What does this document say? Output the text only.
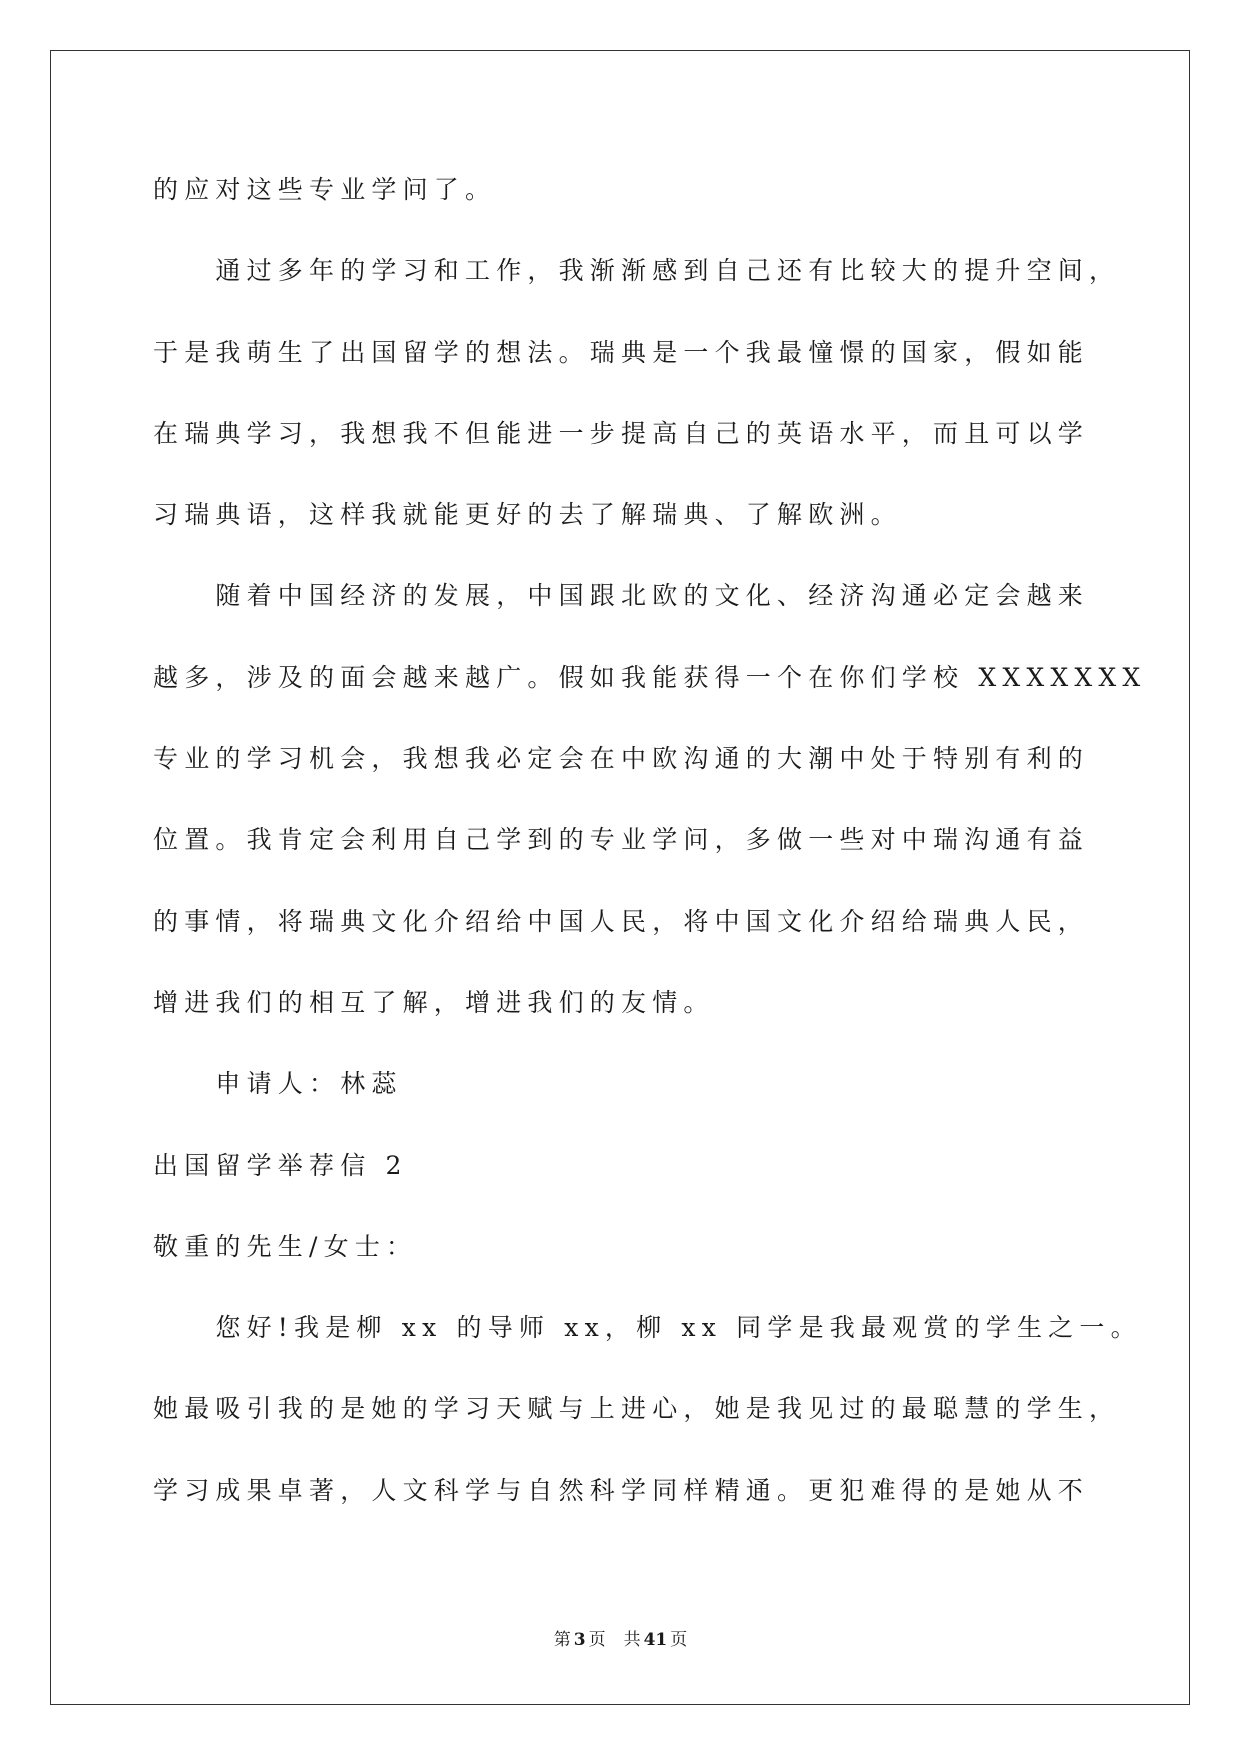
的应对这些专业学问了。
通过多年的学习和工作，我渐渐感到自己还有比较大的提升空间，
于是我萌生了出国留学的想法。瑞典是一个我最憧憬的国家，假如能
在瑞典学习，我想我不但能进一步提高自己的英语水平，而且可以学
习瑞典语，这样我就能更好的去了解瑞典、了解欧洲。
随着中国经济的发展，中国跟北欧的文化、经济沟通必定会越来
越多，涉及的面会越来越广。假如我能获得一个在你们学校 XXXXXXX
专业的学习机会，我想我必定会在中欧沟通的大潮中处于特别有利的
位置。我肯定会利用自己学到的专业学问，多做一些对中瑞沟通有益
的事情，将瑞典文化介绍给中国人民，将中国文化介绍给瑞典人民，
增进我们的相互了解，增进我们的友情。
申请人：林蕊
出国留学举荐信 2
敬重的先生/女士：
您好!我是柳 xx 的导师 xx，柳 xx 同学是我最观赏的学生之一。
她最吸引我的是她的学习天赋与上进心，她是我见过的最聪慧的学生，
学习成果卓著，人文科学与自然科学同样精通。更犯难得的是她从不
第 3 页 共 41 页
